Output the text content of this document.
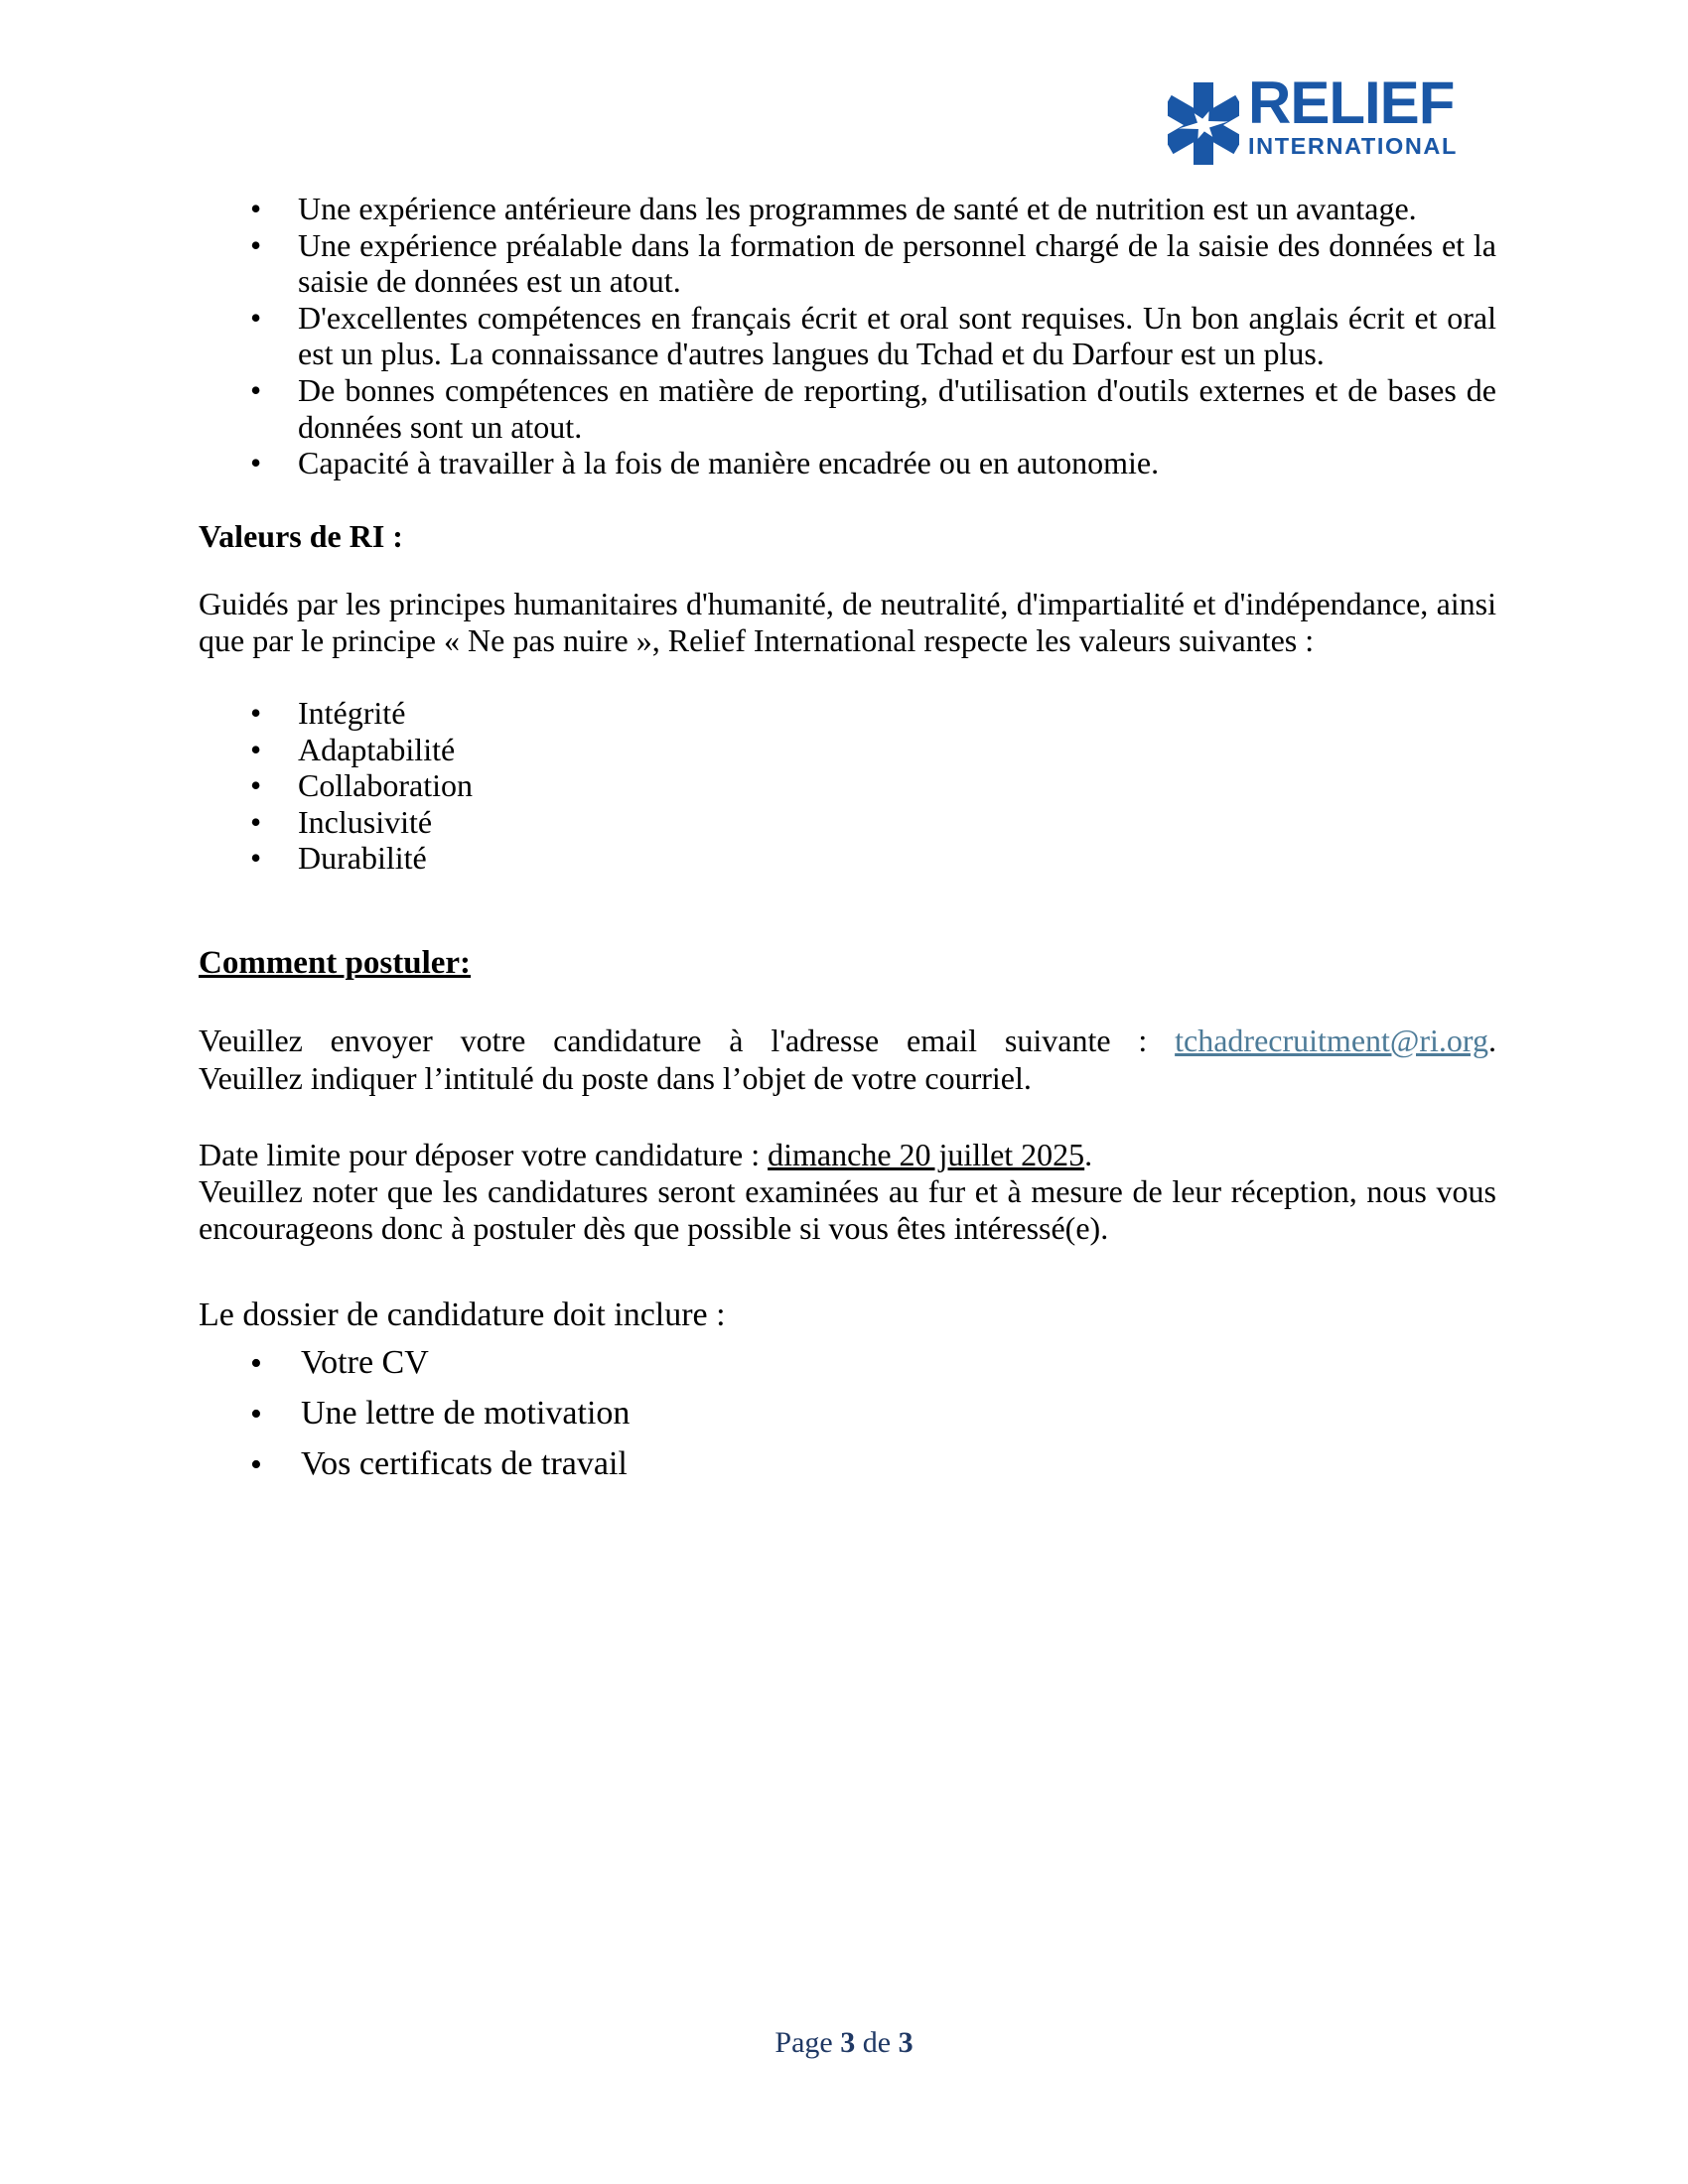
RELIEF
INTERNATIONAL
• Une expérience antérieure dans les programmes de santé et de nutrition est un avantage.
• Une expérience préalable dans la formation de personnel chargé de la saisie des données et la saisie de données est un atout.
• D'excellentes compétences en français écrit et oral sont requises. Un bon anglais écrit et oral est un plus. La connaissance d'autres langues du Tchad et du Darfour est un plus.
• De bonnes compétences en matière de reporting, d'utilisation d'outils externes et de bases de données sont un atout.
• Capacité à travailler à la fois de manière encadrée ou en autonomie.

Valeurs de RI :

Guidés par les principes humanitaires d'humanité, de neutralité, d'impartialité et d'indépendance, ainsi que par le principe « Ne pas nuire », Relief International respecte les valeurs suivantes :

• Intégrité
• Adaptabilité
• Collaboration
• Inclusivité
• Durabilité

Comment postuler:

Veuillez envoyer votre candidature à l'adresse email suivante : tchadrecruitment@ri.org.
Veuillez indiquer l’intitulé du poste dans l’objet de votre courriel.

Date limite pour déposer votre candidature : dimanche 20 juillet 2025.

Veuillez noter que les candidatures seront examinées au fur et à mesure de leur réception, nous vous encourageons donc à postuler dès que possible si vous êtes intéressé(e).

Le dossier de candidature doit inclure :

• Votre CV
• Une lettre de motivation
• Vos certificats de travail
Page 3 de 3
